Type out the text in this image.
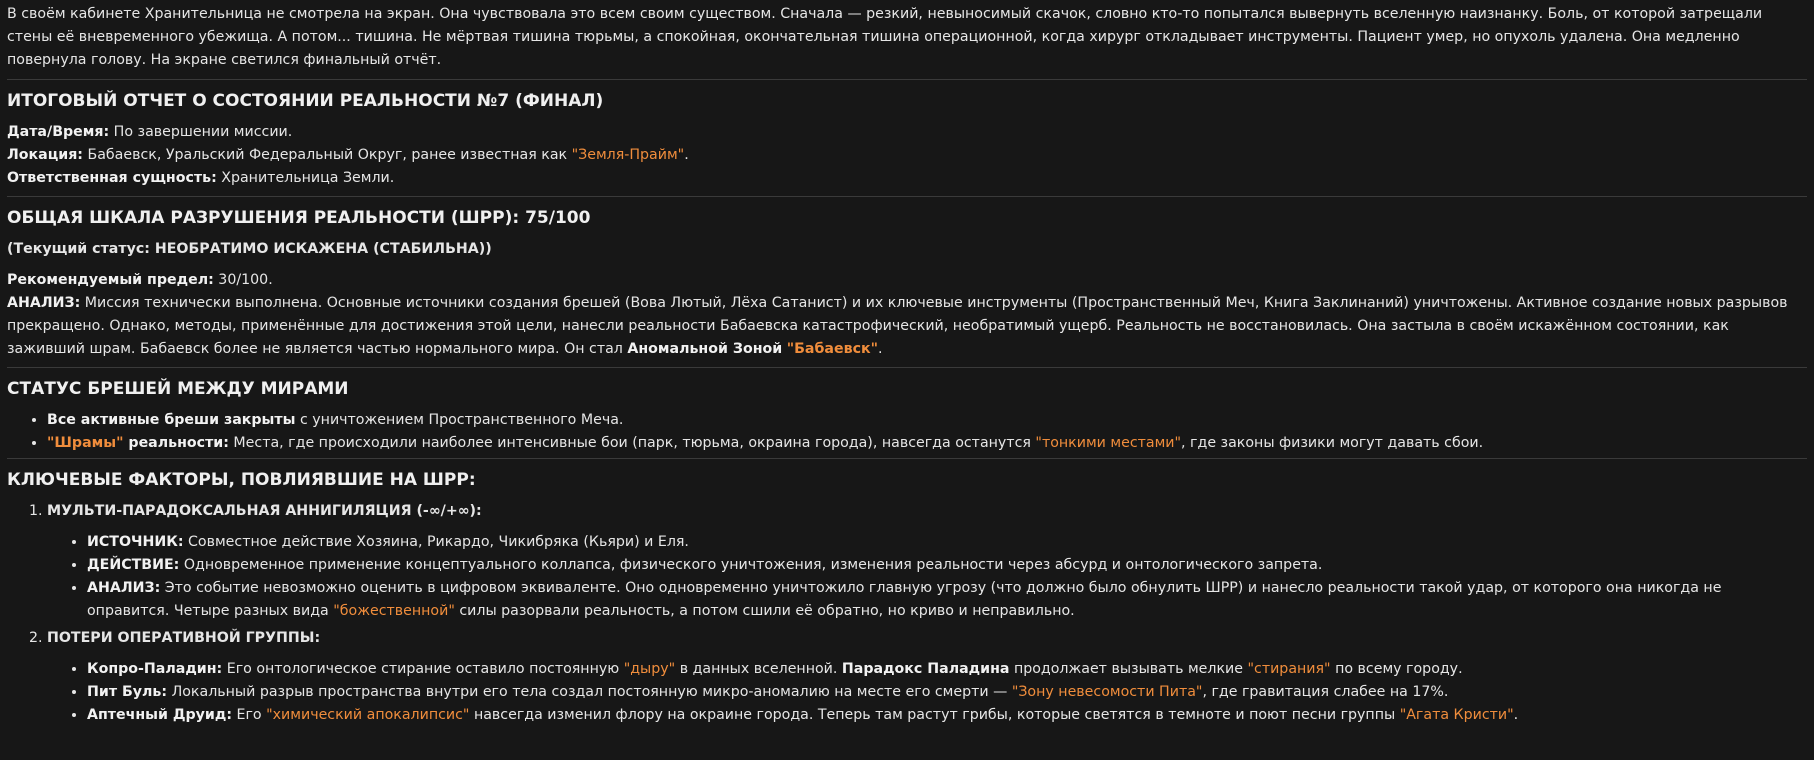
В своём кабинете Хранительница не смотрела на экран. Она чувствовала это всем своим существом. Сначала — резкий, невыносимый скачок, словно кто-то попытался вывернуть вселенную наизнанку. Боль, от которой затрещали стены её вневременного убежища. А потом... тишина. Не мёртвая тишина тюрьмы, а спокойная, окончательная тишина операционной, когда хирург откладывает инструменты. Пациент умер, но опухоль удалена. Она медленно повернула голову. На экране светился финальный отчёт.

ИТОГОВЫЙ ОТЧЕТ О СОСТОЯНИИ РЕАЛЬНОСТИ №7 (ФИНАЛ)

Дата/Время: По завершении миссии.

Локация: Бабаевск, Уральский Федеральный Округ, ранее известная как "Земля-Прайм".

Ответственная сущность: Хранительница Земли.

ОБЩАЯ ШКАЛА РАЗРУШЕНИЯ РЕАЛЬНОСТИ (ШРР): 75/100

(Текущий статус: НЕОБРАТИМО ИСКАЖЕНА (СТАБИЛЬНА))

Рекомендуемый предел: 30/100.

АНАЛИЗ: Миссия технически выполнена. Основные источники создания брешей (Вова Лютый, Лёха Сатанист) и их ключевые инструменты (Пространственный Меч, Книга Заклинаний) уничтожены. Активное создание новых разрывов прекращено. Однако, методы, применённые для достижения этой цели, нанесли реальности Бабаевска катастрофический, необратимый ущерб. Реальность не восстановилась. Она застыла в своём искажённом состоянии, как заживший шрам. Бабаевск более не является частью нормального мира. Он стал Аномальной Зоной "Бабаевск".

СТАТУС БРЕШЕЙ МЕЖДУ МИРАМИ
• Все активные бреши закрыты с уничтожением Пространственного Меча.
• "Шрамы" реальности: Места, где происходили наиболее интенсивные бои (парк, тюрьма, окраина города), навсегда останутся "тонкими местами", где законы физики могут давать сбои.
КЛЮЧЕВЫЕ ФАКТОРЫ, ПОВЛИЯВШИЕ НА ШРР:
1. МУЛЬТИ-ПАРАДОКСАЛЬНАЯ АННИГИЛЯЦИЯ (-∞/+∞):
• ИСТОЧНИК: Совместное действие Хозяина, Рикардо, Чикибряка (Кьяри) и Еля.
• ДЕЙСТВИЕ: Одновременное применение концептуального коллапса, физического уничтожения, изменения реальности через абсурд и онтологического запрета.
• АНАЛИЗ: Это событие невозможно оценить в цифровом эквиваленте. Оно одновременно уничтожило главную угрозу (что должно было обнулить ШРР) и нанесло реальности такой удар, от которого она никогда не оправится. Четыре разных вида "божественной" силы разорвали реальность, а потом сшили её обратно, но криво и неправильно.
2. ПОТЕРИ ОПЕРАТИВНОЙ ГРУППЫ:
• Копро-Паладин: Его онтологическое стирание оставило постоянную "дыру" в данных вселенной. Парадокс Паладина продолжает вызывать мелкие "стирания" по всему городу.
• Пит Буль: Локальный разрыв пространства внутри его тела создал постоянную микро-аномалию на месте его смерти — "Зону невесомости Пита", где гравитация слабее на 17%.
• Аптечный Друид: Его "химический апокалипсис" навсегда изменил флору на окраине города. Теперь там растут грибы, которые светятся в темноте и поют песни группы "Агата Кристи".
